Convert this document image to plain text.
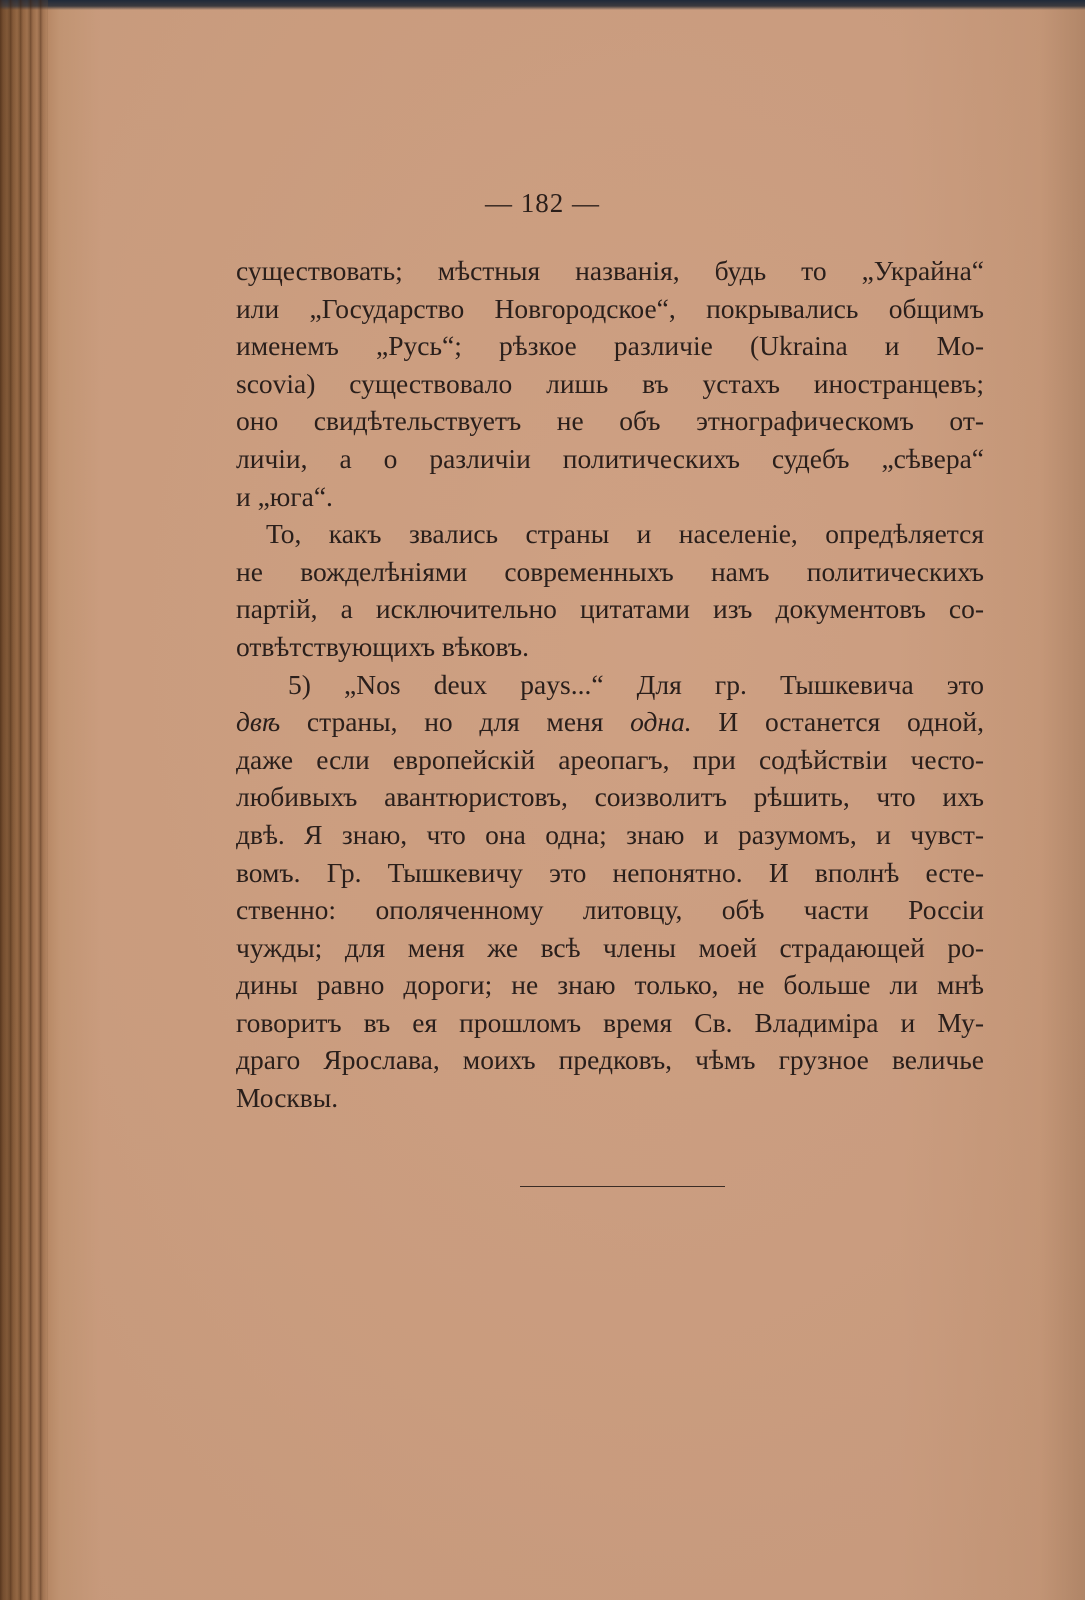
— 182 —
существовать; мѣстныя названія, будь то „Украйна“
или „Государство Новгородское“, покрывались общимъ
именемъ „Русь“; рѣзкое различіе (Ukraina и Mo-
scovia) существовало лишь въ устахъ иностранцевъ;
оно свидѣтельствуетъ не объ этнографическомъ от-
личіи, а о различіи политическихъ судебъ „сѣвера“
и „юга“.
То, какъ звались страны и населеніе, опредѣляется
не вожделѣніями современныхъ намъ политическихъ
партій, а исключительно цитатами изъ документовъ со-
отвѣтствующихъ вѣковъ.
5) „Nos deux pays...“ Для гр. Тышкевича это
двѣ страны, но для меня одна. И останется одной,
даже если европейскій ареопагъ, при содѣйствіи често-
любивыхъ авантюристовъ, соизволитъ рѣшить, что ихъ
двѣ. Я знаю, что она одна; знаю и разумомъ, и чувст-
вомъ. Гр. Тышкевичу это непонятно. И вполнѣ есте-
ственно: ополяченному литовцу, обѣ части Россіи
чужды; для меня же всѣ члены моей страдающей ро-
дины равно дороги; не знаю только, не больше ли мнѣ
говоритъ въ ея прошломъ время Св. Владиміра и Му-
драго Ярослава, моихъ предковъ, чѣмъ грузное величье
Москвы.
